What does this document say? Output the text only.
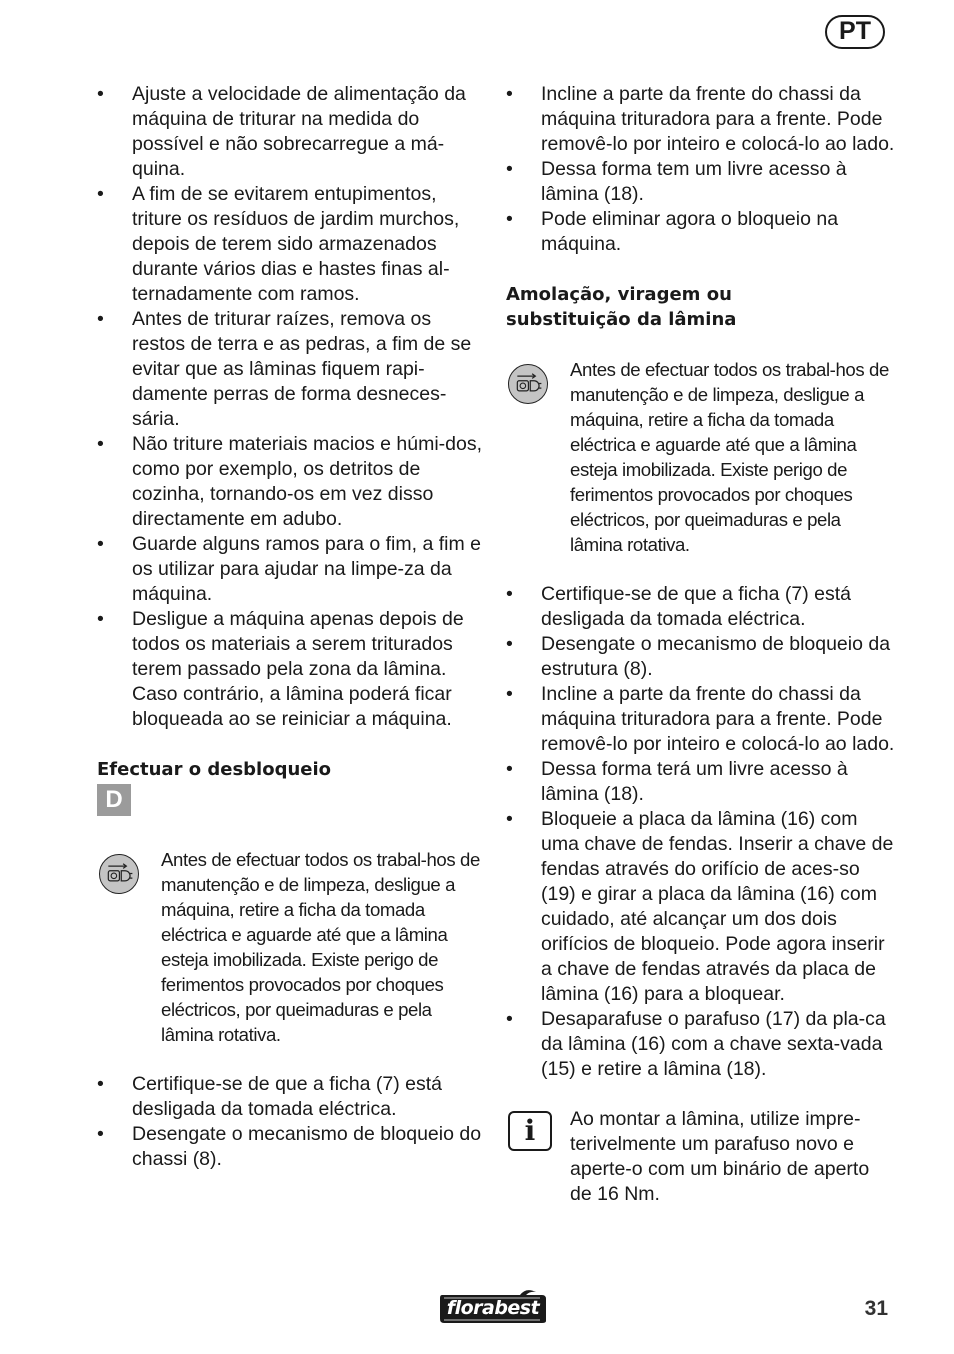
PT
• Ajuste a velocidade de alimentação da máquina de triturar na medida do possível e não sobrecarregue a má-quina.
• A fim de se evitarem entupimentos, triture os resíduos de jardim murchos, depois de terem sido armazenados durante vários dias e hastes finas al-ternadamente com ramos.
• Antes de triturar raízes, remova os restos de terra e as pedras, a fim de se evitar que as lâminas fiquem rapi-damente perras de forma desneces-sária.
• Não triture materiais macios e húmi-dos, como por exemplo, os detritos de cozinha, tornando-os em vez disso directamente em adubo.
• Guarde alguns ramos para o fim, a fim e os utilizar para ajudar na limpe-za da máquina.
• Desligue a máquina apenas depois de todos os materiais a serem triturados terem passado pela zona da lâmina. Caso contrário, a lâmina poderá ficar bloqueada ao se reiniciar a máquina.
Efectuar o desbloqueio
D
Antes de efectuar todos os trabal-hos de manutenção e de limpeza, desligue a máquina, retire a ficha da tomada eléctrica e aguarde até que a lâmina esteja imobilizada. Existe perigo de ferimentos provocados por choques eléctricos, por queimaduras e pela lâmina rotativa.
• Certifique-se de que a ficha (7) está desligada da tomada eléctrica.
• Desengate o mecanismo de bloqueio do chassi (8).
• Incline a parte da frente do chassi da máquina trituradora para a frente. Pode removê-lo por inteiro e colocá-lo ao lado.
• Dessa forma tem um livre acesso à lâmina (18).
• Pode eliminar agora o bloqueio na máquina.
Amolação, viragem ou
substituição da lâmina
Antes de efectuar todos os trabal-hos de manutenção e de limpeza, desligue a máquina, retire a ficha da tomada eléctrica e aguarde até que a lâmina esteja imobilizada. Existe perigo de ferimentos provocados por choques eléctricos, por queimaduras e pela lâmina rotativa.
• Certifique-se de que a ficha (7) está desligada da tomada eléctrica.
• Desengate o mecanismo de bloqueio da estrutura (8).
• Incline a parte da frente do chassi da máquina trituradora para a frente. Pode removê-lo por inteiro e colocá-lo ao lado.
• Dessa forma terá um livre acesso à lâmina (18).
• Bloqueie a placa da lâmina (16) com uma chave de fendas. Inserir a chave de fendas através do orifício de aces-so (19) e girar a placa da lâmina (16) com cuidado, até alcançar um dos dois orifícios de bloqueio. Pode agora inserir a chave de fendas através da placa de lâmina (16) para a bloquear.
• Desaparafuse o parafuso (17) da pla-ca da lâmina (16) com a chave sexta-vada (15) e retire a lâmina (18).
i	Ao montar a lâmina, utilize impre-terivelmente um parafuso novo e aperte-o com um binário de aperto de 16 Nm.
florabest	31
